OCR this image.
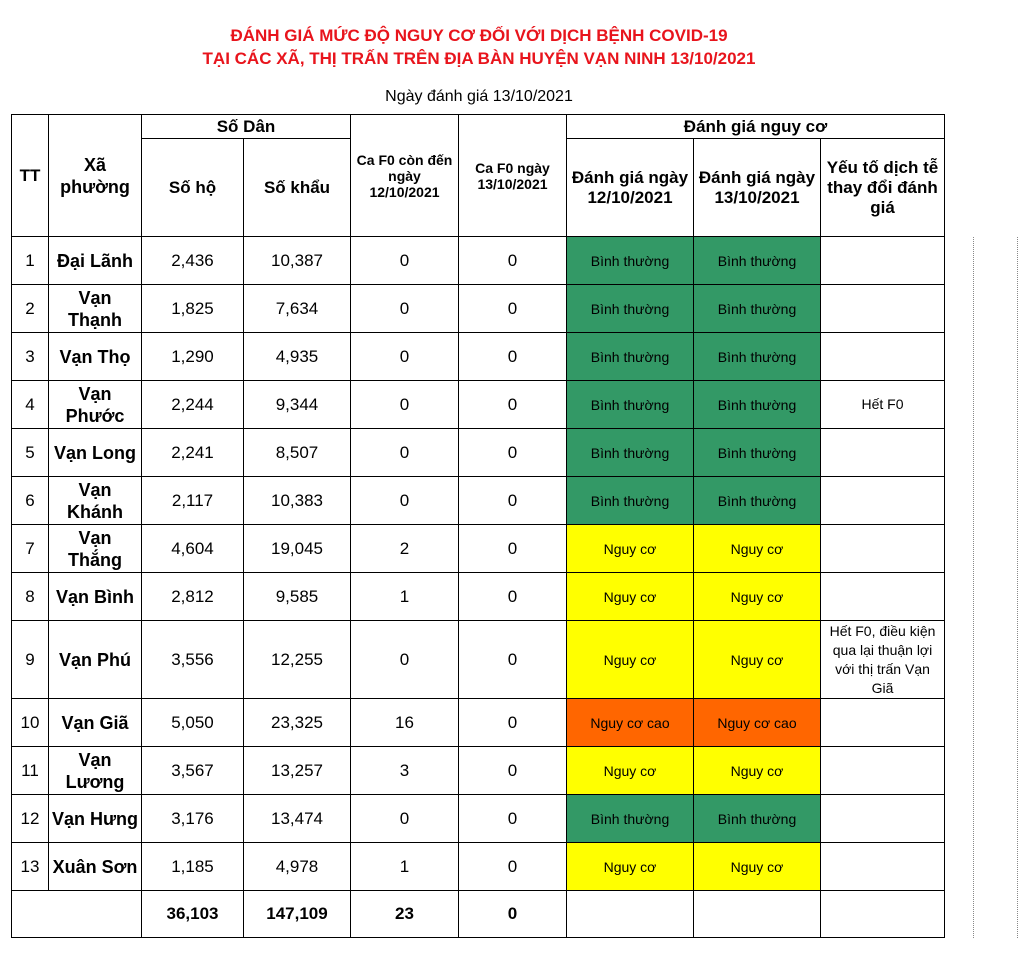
ĐÁNH GIÁ MỨC ĐỘ NGUY CƠ ĐỐI VỚI DỊCH BỆNH COVID-19
TẠI CÁC XÃ, THỊ TRẤN TRÊN ĐỊA BÀN HUYỆN VẠN NINH 13/10/2021
Ngày đánh giá 13/10/2021
TT	Xã phường	Số Dân		Ca F0 còn đến ngày 12/10/2021	Ca F0 ngày 13/10/2021	Đánh giá nguy cơ		
		Số hộ	Số khẩu			Đánh giá ngày 12/10/2021	Đánh giá ngày 13/10/2021	Yếu tố dịch tễ thay đổi đánh giá
1	Đại Lãnh	2,436	10,387	0	0	Bình thường	Bình thường	
2	Vạn Thạnh	1,825	7,634	0	0	Bình thường	Bình thường	
3	Vạn Thọ	1,290	4,935	0	0	Bình thường	Bình thường	
4	Vạn Phước	2,244	9,344	0	0	Bình thường	Bình thường	Hết F0
5	Vạn Long	2,241	8,507	0	0	Bình thường	Bình thường	
6	Vạn Khánh	2,117	10,383	0	0	Bình thường	Bình thường	
7	Vạn Thắng	4,604	19,045	2	0	Nguy cơ	Nguy cơ	
8	Vạn Bình	2,812	9,585	1	0	Nguy cơ	Nguy cơ	
9	Vạn Phú	3,556	12,255	0	0	Nguy cơ	Nguy cơ	Hết F0, điều kiện qua lại thuận lợi với thị trấn Vạn Giã
10	Vạn Giã	5,050	23,325	16	0	Nguy cơ cao	Nguy cơ cao	
11	Vạn Lương	3,567	13,257	3	0	Nguy cơ	Nguy cơ	
12	Vạn Hưng	3,176	13,474	0	0	Bình thường	Bình thường	
13	Xuân Sơn	1,185	4,978	1	0	Nguy cơ	Nguy cơ	
		36,103	147,109	23	0			
